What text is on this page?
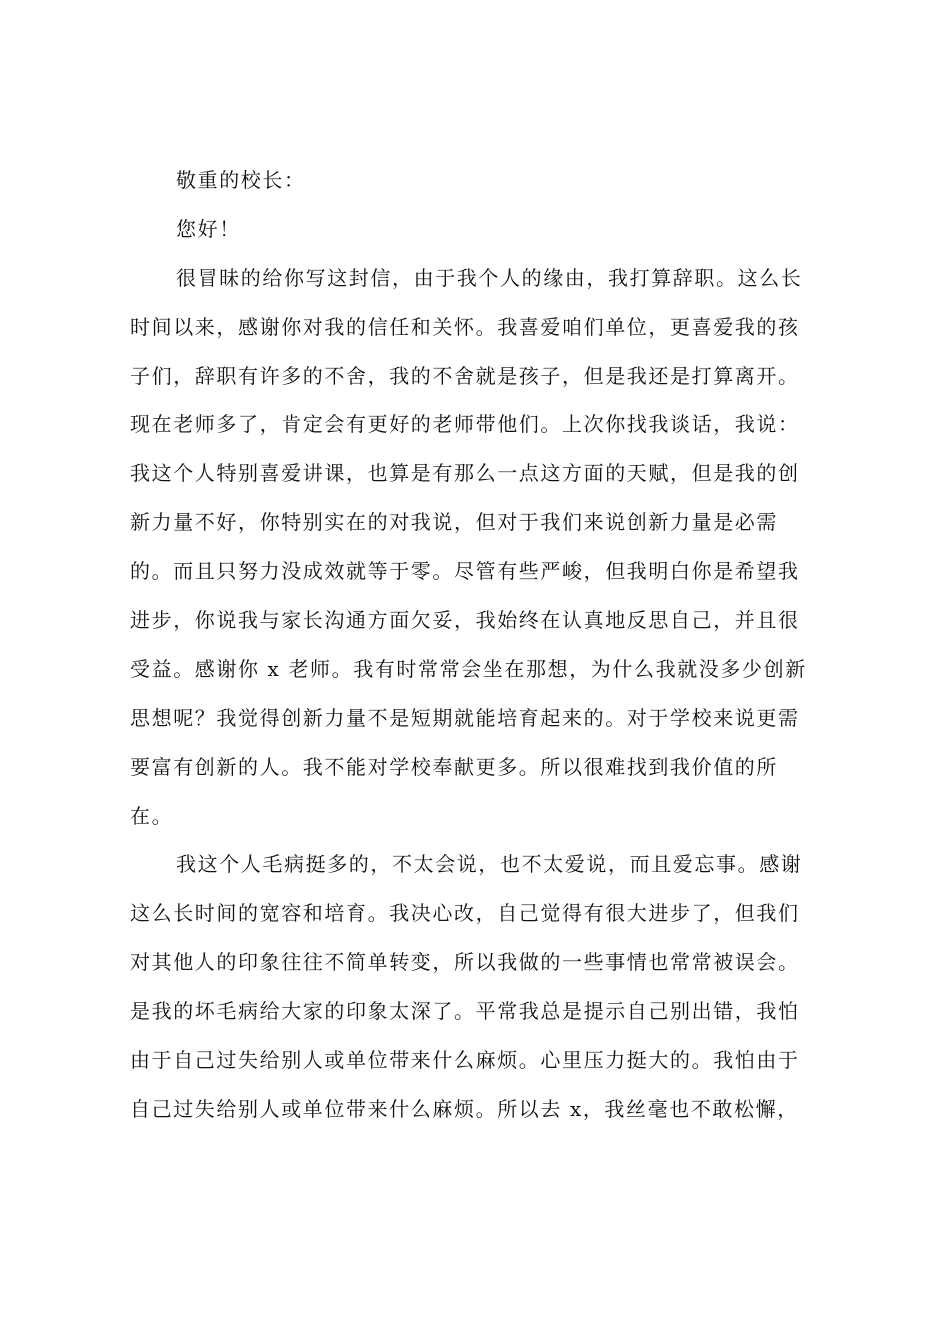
敬重的校长：
您好！
很冒昧的给你写这封信，由于我个人的缘由，我打算辞职。这么长
时间以来，感谢你对我的信任和关怀。我喜爱咱们单位，更喜爱我的孩
子们，辞职有许多的不舍，我的不舍就是孩子，但是我还是打算离开。
现在老师多了，肯定会有更好的老师带他们。上次你找我谈话，我说：
我这个人特别喜爱讲课，也算是有那么一点这方面的天赋，但是我的创
新力量不好，你特别实在的对我说，但对于我们来说创新力量是必需
的。而且只努力没成效就等于零。尽管有些严峻，但我明白你是希望我
进步，你说我与家长沟通方面欠妥，我始终在认真地反思自己，并且很
受益。感谢你 x 老师。我有时常常会坐在那想，为什么我就没多少创新
思想呢？我觉得创新力量不是短期就能培育起来的。对于学校来说更需
要富有创新的人。我不能对学校奉献更多。所以很难找到我价值的所
在。
我这个人毛病挺多的，不太会说，也不太爱说，而且爱忘事。感谢
这么长时间的宽容和培育。我决心改，自己觉得有很大进步了，但我们
对其他人的印象往往不简单转变，所以我做的一些事情也常常被误会。
是我的坏毛病给大家的印象太深了。平常我总是提示自己别出错，我怕
由于自己过失给别人或单位带来什么麻烦。心里压力挺大的。我怕由于
自己过失给别人或单位带来什么麻烦。所以去 x，我丝毫也不敢松懈，
